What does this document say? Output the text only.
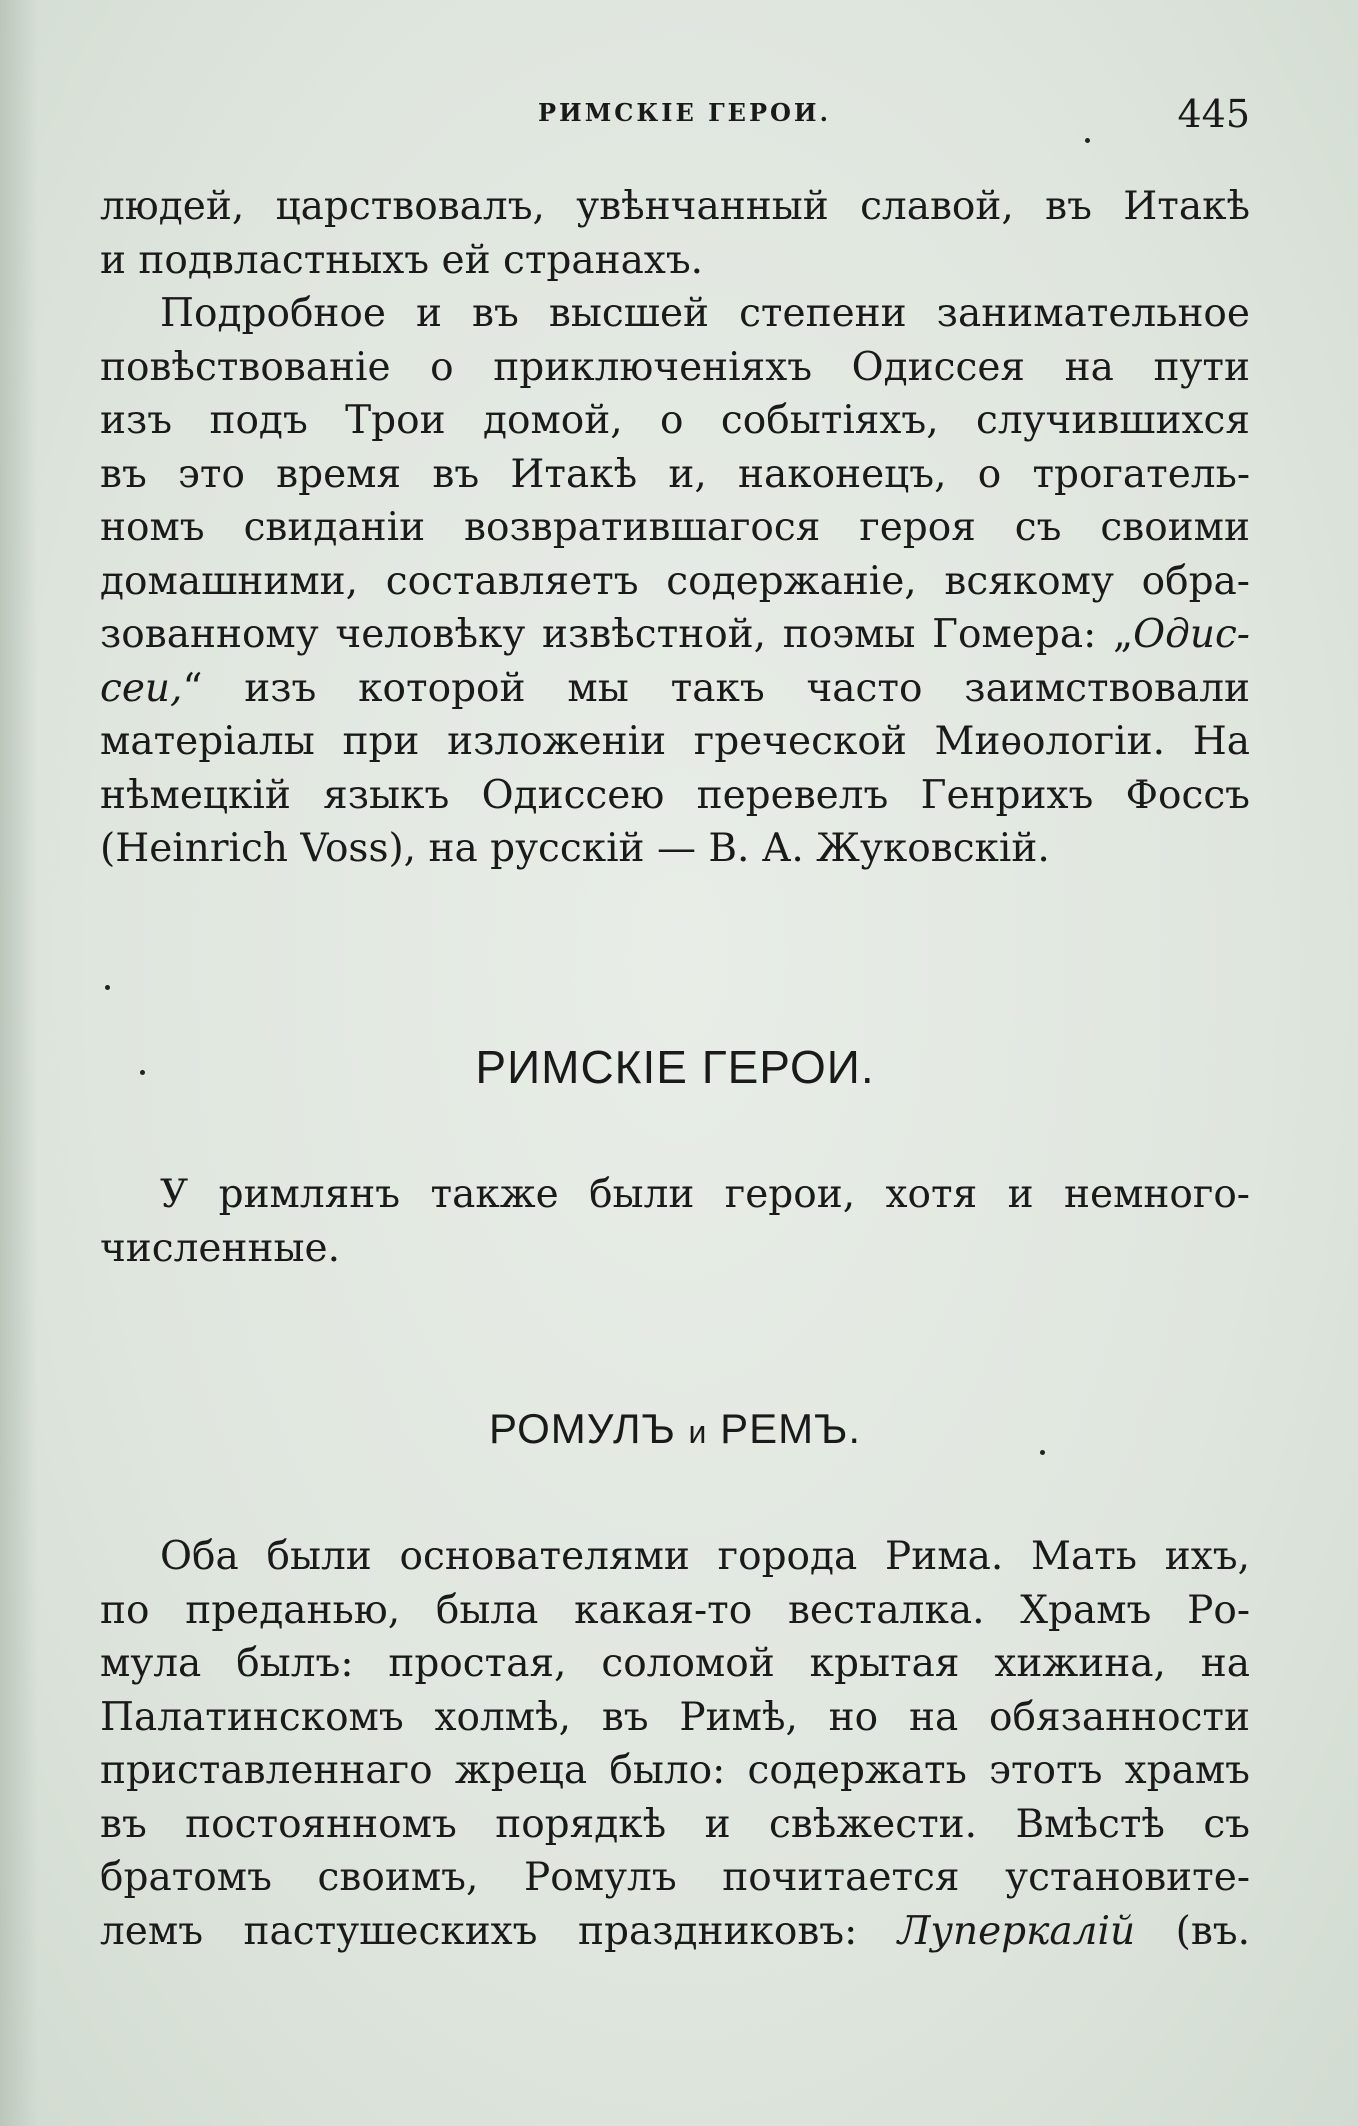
РИМСКІЕ ГЕРОИ.	445
людей, царствовалъ, увѣнчанный славой, въ Итакѣ
и подвластныхъ ей странахъ.
Подробное и въ высшей степени занимательное
повѣствованіе о приключеніяхъ Одиссея на пути
изъ подъ Трои домой, о событіяхъ, случившихся
въ это время въ Итакѣ и, наконецъ, о трогатель-
номъ свиданіи возвратившагося героя съ своими
домашними, составляетъ содержаніе, всякому обра-
зованному человѣку извѣстной, поэмы Гомера: „Одис-
сеи,“ изъ которой мы такъ часто заимствовали
матеріалы при изложеніи греческой Миѳологіи. На
нѣмецкій языкъ Одиссею перевелъ Генрихъ Фоссъ
(Heinrich Voss), на русскій — В. А. Жуковскій.
РИМСКІЕ ГЕРОИ.
У римлянъ также были герои, хотя и немного-
численные.
РОМУЛЪ и РЕМЪ.
Оба были основателями города Рима. Мать ихъ,
по преданью, была какая-то весталка. Храмъ Ро-
мула былъ: простая, соломой крытая хижина, на
Палатинскомъ холмѣ, въ Римѣ, но на обязанности
приставленнаго жреца было: содержать этотъ храмъ
въ постоянномъ порядкѣ и свѣжести. Вмѣстѣ съ
братомъ своимъ, Ромулъ почитается установите-
лемъ пастушескихъ праздниковъ: Луперкалій (въ.
